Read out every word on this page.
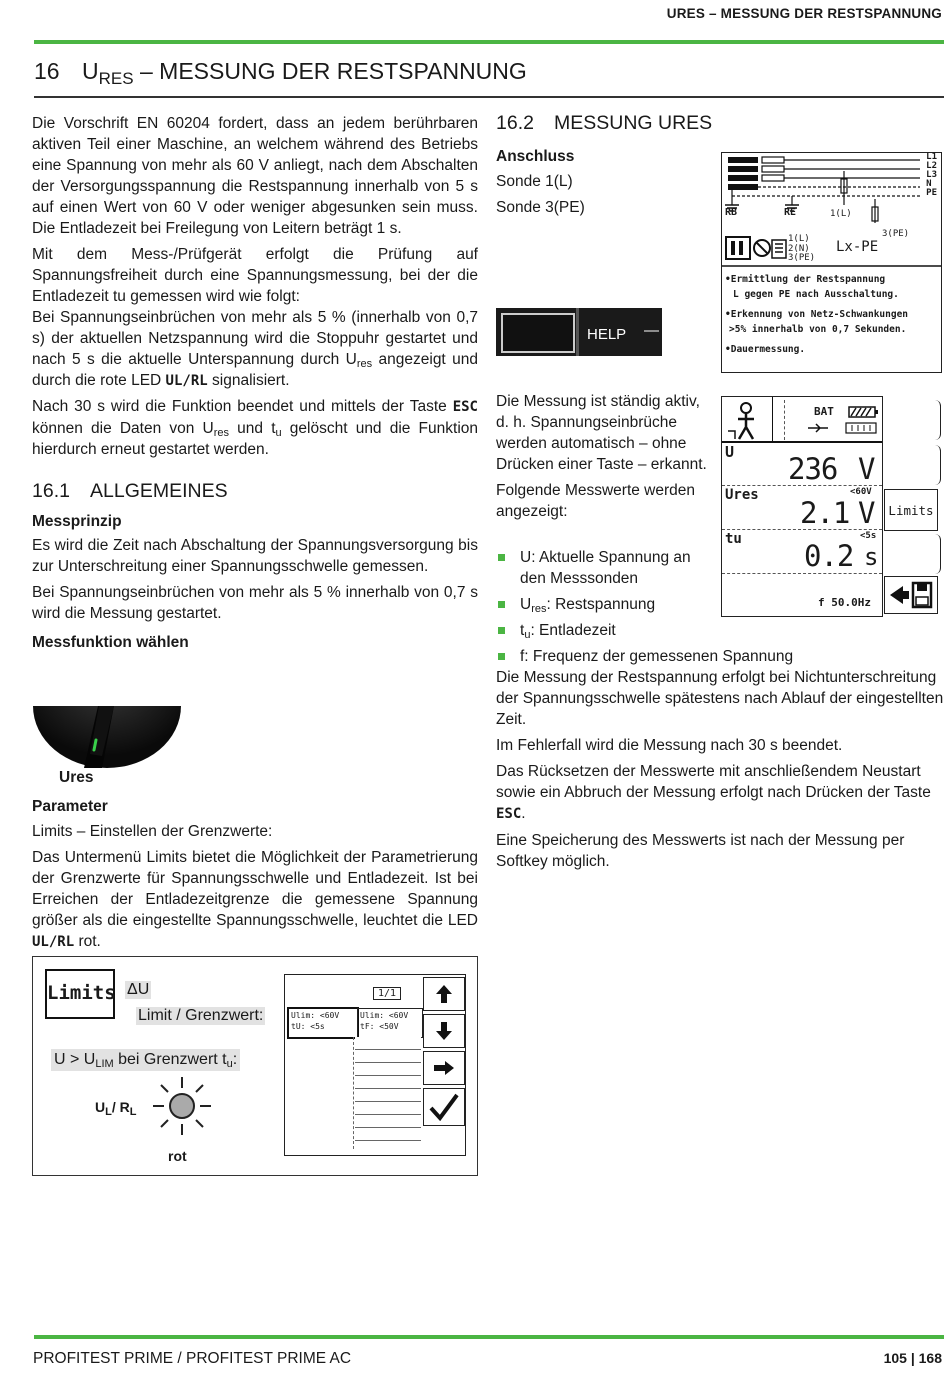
URES – MESSUNG DER RESTSPANNUNG
16 $U_{RES}$ – MESSUNG DER RESTSPANNUNG

Die Vorschrift EN 60204 fordert, dass an jedem berührbaren aktiven Teil einer Maschine, an welchem während des Betriebs eine Spannung von mehr als 60 V anliegt, nach dem Abschalten der Versorgungsspannung die Restspannung innerhalb von 5 s auf einen Wert von 60 V oder weniger abgesunken sein muss. Die Entladezeit bei Freilegung von Leitern beträgt 1 s.

Mit dem Mess-/Prüfgerät erfolgt die Prüfung auf Spannungsfreiheit durch eine Spannungsmessung, bei der die Entladezeit tu gemessen wird wie folgt:

Bei Spannungseinbrüchen von mehr als 5 % (innerhalb von 0,7 s) der aktuellen Netzspannung wird die Stoppuhr gestartet und nach 5 s die aktuelle Unterspannung durch $U_{res}$ angezeigt und durch die rote LED UL/RL signalisiert.

Nach 30 s wird die Funktion beendet und mittels der Taste ESC können die Daten von $U_{res}$ und $t_u$ gelöscht und die Funktion hierdurch erneut gestartet werden.

16.1 ALLGEMEINES

Messprinzip

Es wird die Zeit nach Abschaltung der Spannungsversorgung bis zur Unterschreitung einer Spannungsschwelle gemessen.

Bei Spannungseinbrüchen von mehr als 5 % innerhalb von 0,7 s wird die Messung gestartet.

Messfunktion wählen

Ures

Parameter

Limits – Einstellen der Grenzwerte:

Das Untermenü Limits bietet die Möglichkeit der Parametrierung der Grenzwerte für Spannungsschwelle und Entladezeit. Ist bei Erreichen der Entladezeitgrenze die gemessene Spannung größer als die eingestellte Spannungsschwelle, leuchtet die LED UL/RL rot.

Limits ΔU
Limit / Grenzwert:
$U > U_{LIM}$ bei Grenzwert $t_u$:
$U_L/$ $R_L$
rot
1/1
Ulim: <60V
tU: <5s
Ulim: <60V
tF: <50V

16.2 MESSUNG URES

Anschluss

Sonde 1(L)

Sonde 3(PE)

HELP —
L1
L2
L3
N
PE
RB	RE	1(L)
3(PE)
1(L)
2(N)
3(PE)
Lx-PE
•Ermittlung der Restspannung
L gegen PE nach Ausschaltung.
•Erkennung von Netz-Schwankungen
>5% innerhalb von 0,7 Sekunden.
•Dauermessung.

Die Messung ist ständig aktiv, d. h. Spannungseinbrüche werden automatisch – ohne Drücken einer Taste – erkannt.

Folgende Messwerte werden angezeigt:

U: Aktuelle Spannung an den Messsonden
$U_{res}$: Restspannung
$t_u$: Entladezeit
f: Frequenz der gemessenen Spannung

Die Messung der Restspannung erfolgt bei Nichtunterschreitung der Spannungsschwelle spätestens nach Ablauf der eingestellten Zeit.

Im Fehlerfall wird die Messung nach 30 s beendet.

Das Rücksetzen der Messwerte mit anschließendem Neustart sowie ein Abbruch der Messung erfolgt nach Drücken der Taste ESC.

Eine Speicherung des Messwerts ist nach der Messung per Softkey möglich.

BAT
U 236 V
Ures	<60V
2.1 V
tu	<5s
0.2 s
f 50.0Hz
Limits
PROFITEST PRIME / PROFITEST PRIME AC	105 | 168
